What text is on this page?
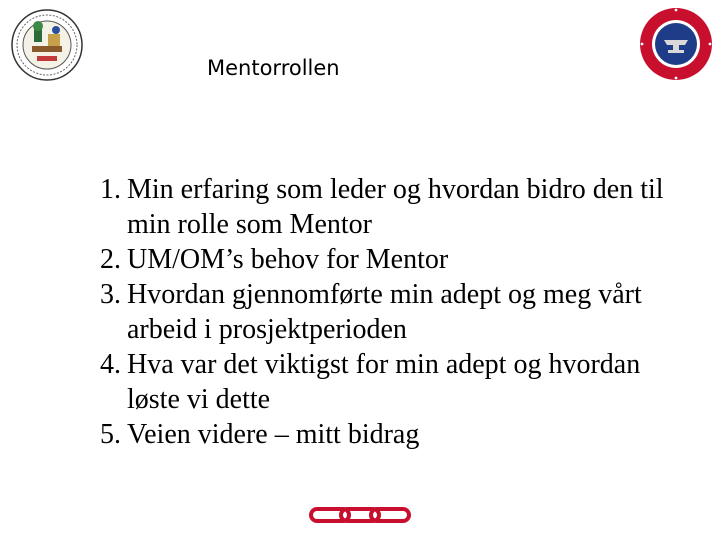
Mentorrollen
1. Min erfaring som leder og hvordan bidro den til min rolle som Mentor
2. UM/OM’s behov for Mentor
3. Hvordan gjennomførte min adept og meg vårt arbeid i prosjektperioden
4. Hva var det viktigst for min adept og hvordan løste vi dette
5. Veien videre – mitt bidrag
